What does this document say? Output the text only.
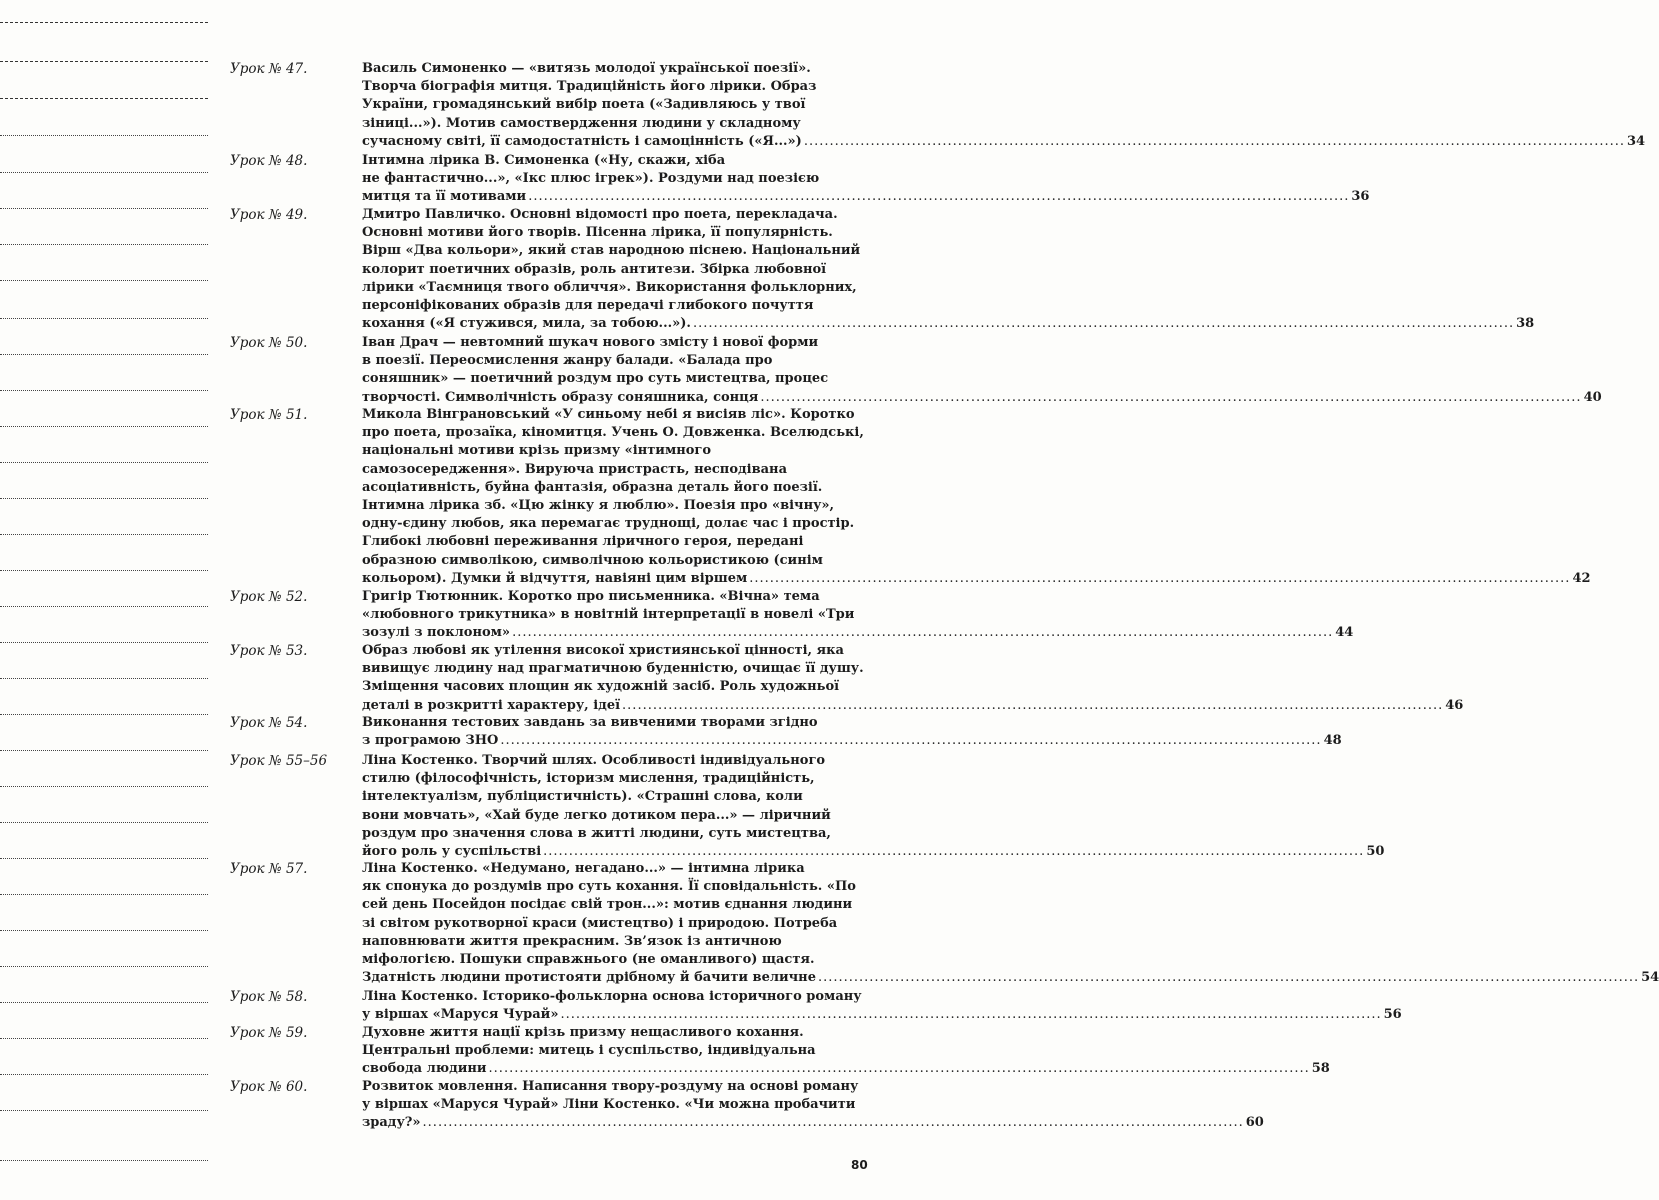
Урок № 47.	Василь Симоненко — «витязь молодої української поезії».
Творча біографія митця. Традиційність його лірики. Образ
України, громадянський вибір поета («Задивляюсь у твої
зіниці...»). Мотив самоствердження людини у складному
сучасному світі, її самодостатність і самоцінність («Я...») ................................................................................................................................................................ 34
Урок № 48.	Інтимна лірика В. Симоненка («Ну, скажи, хіба
не фантастично...», «Ікс плюс ігрек»). Роздуми над поезією
митця та її мотивами ................................................................................................................................................................ 36
Урок № 49.	Дмитро Павличко. Основні відомості про поета, перекладача.
Основні мотиви його творів. Пісенна лірика, її популярність.
Вірш «Два кольори», який став народною піснею. Національний
колорит поетичних образів, роль антитези. Збірка любовної
лірики «Таємниця твого обличчя». Використання фольклорних,
персоніфікованих образів для передачі глибокого почуття
кохання («Я стужився, мила, за тобою...»). ................................................................................................................................................................ 38
Урок № 50.	Іван Драч — невтомний шукач нового змісту і нової форми
в поезії. Переосмислення жанру балади. «Балада про
соняшник» — поетичний роздум про суть мистецтва, процес
творчості. Символічність образу соняшника, сонця ................................................................................................................................................................ 40
Урок № 51.	Микола Вінграновський «У синьому небі я висіяв ліс». Коротко
про поета, прозаїка, кіномитця. Учень О. Довженка. Вселюдські,
національні мотиви крізь призму «інтимного
самозосередження». Вируюча пристрасть, несподівана
асоціативність, буйна фантазія, образна деталь його поезії.
Інтимна лірика зб. «Цю жінку я люблю». Поезія про «вічну»,
одну-єдину любов, яка перемагає труднощі, долає час і простір.
Глибокі любовні переживання ліричного героя, передані
образною символікою, символічною кольористикою (синім
кольором). Думки й відчуття, навіяні цим віршем ................................................................................................................................................................ 42
Урок № 52.	Григір Тютюнник. Коротко про письменника. «Вічна» тема
«любовного трикутника» в новітній інтерпретації в новелі «Три
зозулі з поклоном» ................................................................................................................................................................ 44
Урок № 53.	Образ любові як утілення високої християнської цінності, яка
вивищує людину над прагматичною буденністю, очищає її душу.
Зміщення часових площин як художній засіб. Роль художньої
деталі в розкритті характеру, ідеї ................................................................................................................................................................ 46
Урок № 54.	Виконання тестових завдань за вивченими творами згідно
з програмою ЗНО ................................................................................................................................................................ 48
Урок № 55–56	Ліна Костенко. Творчий шлях. Особливості індивідуального
стилю (філософічність, історизм мислення, традиційність,
інтелектуалізм, публіцистичність). «Страшні слова, коли
вони мовчать», «Хай буде легко дотиком пера...» — ліричний
роздум про значення слова в житті людини, суть мистецтва,
його роль у суспільстві ................................................................................................................................................................ 50
Урок № 57.	Ліна Костенко. «Недумано, негадано...» — інтимна лірика
як спонука до роздумів про суть кохання. Її сповідальність. «По
сей день Посейдон посідає свій трон...»: мотив єднання людини
зі світом рукотворної краси (мистецтво) і природою. Потреба
наповнювати життя прекрасним. Зв’язок із античною
міфологією. Пошуки справжнього (не оманливого) щастя.
Здатність людини протистояти дрібному й бачити величне ................................................................................................................................................................ 54
Урок № 58.	Ліна Костенко. Історико-фольклорна основа історичного роману
у віршах «Маруся Чурай» ................................................................................................................................................................ 56
Урок № 59.	Духовне життя нації крізь призму нещасливого кохання.
Центральні проблеми: митець і суспільство, індивідуальна
свобода людини ................................................................................................................................................................ 58
Урок № 60.	Розвиток мовлення. Написання твору-роздуму на основі роману
у віршах «Маруся Чурай» Ліни Костенко. «Чи можна пробачити
зраду?» ................................................................................................................................................................ 60
80
